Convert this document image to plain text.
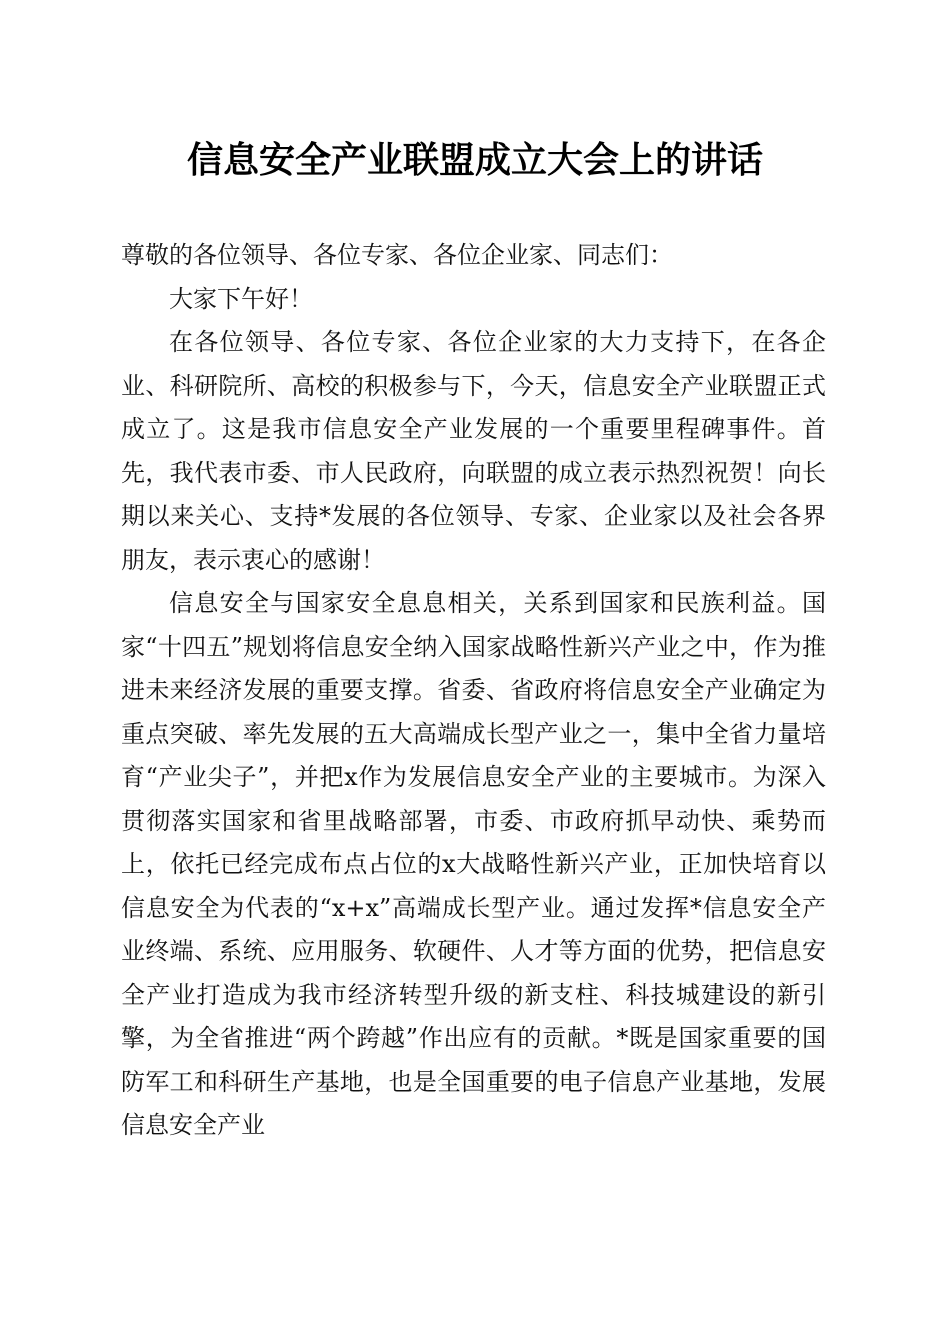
信息安全产业联盟成立大会上的讲话

尊敬的各位领导、各位专家、各位企业家、同志们：

大家下午好！

在各位领导、各位专家、各位企业家的大力支持下，在各企业、科研院所、高校的积极参与下，今天，信息安全产业联盟正式成立了。这是我市信息安全产业发展的一个重要里程碑事件。首先，我代表市委、市人民政府，向联盟的成立表示热烈祝贺！向长期以来关心、支持*发展的各位领导、专家、企业家以及社会各界朋友，表示衷心的感谢！

信息安全与国家安全息息相关，关系到国家和民族利益。国家“十四五”规划将信息安全纳入国家战略性新兴产业之中，作为推进未来经济发展的重要支撑。省委、省政府将信息安全产业确定为重点突破、率先发展的五大高端成长型产业之一，集中全省力量培育“产业尖子”，并把x作为发展信息安全产业的主要城市。为深入贯彻落实国家和省里战略部署，市委、市政府抓早动快、乘势而上，依托已经完成布点占位的x大战略性新兴产业，正加快培育以信息安全为代表的“x+x”高端成长型产业。通过发挥*信息安全产业终端、系统、应用服务、软硬件、人才等方面的优势，把信息安全产业打造成为我市经济转型升级的新支柱、科技城建设的新引擎，为全省推进“两个跨越”作出应有的贡献。*既是国家重要的国防军工和科研生产基地，也是全国重要的电子信息产业基地，发展信息安全产业
